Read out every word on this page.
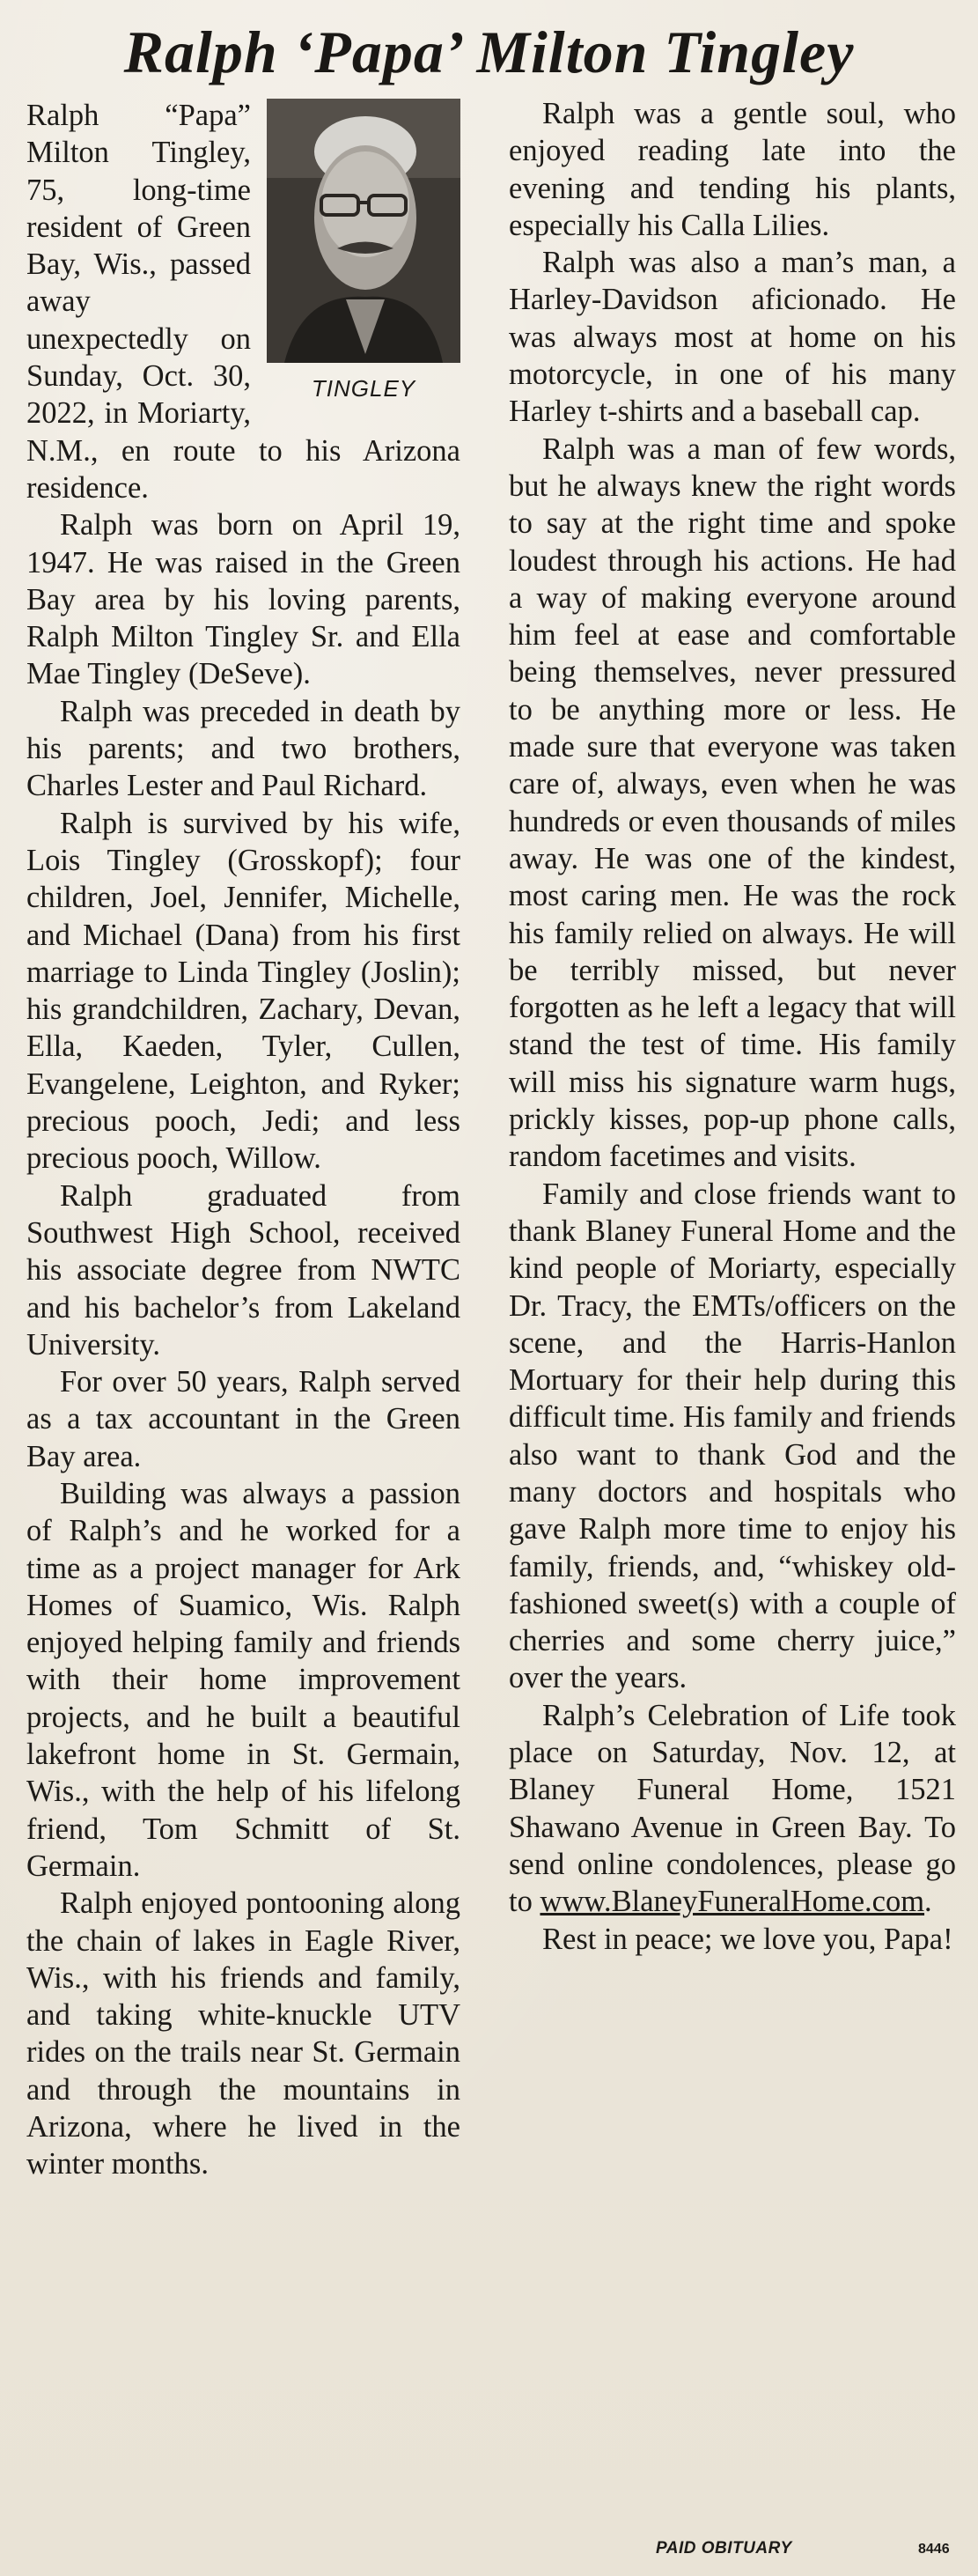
Ralph ‘Papa’ Milton Tingley
TINGLEY

Ralph “Papa” Milton Tingley, 75, long-time resident of Green Bay, Wis., passed away unexpectedly on Sunday, Oct. 30, 2022, in Moriarty, N.M., en route to his Arizona residence.

Ralph was born on April 19, 1947. He was raised in the Green Bay area by his loving parents, Ralph Milton Tingley Sr. and Ella Mae Tingley (DeSeve).

Ralph was preceded in death by his parents; and two brothers, Charles Lester and Paul Richard.

Ralph is survived by his wife, Lois Tingley (Grosskopf); four children, Joel, Jennifer, Michelle, and Michael (Dana) from his first marriage to Linda Tingley (Joslin); his grandchildren, Zachary, Devan, Ella, Kaeden, Tyler, Cullen, Evangelene, Leighton, and Ryker; precious pooch, Jedi; and less precious pooch, Willow.

Ralph graduated from Southwest High School, received his associate degree from NWTC and his bachelor’s from Lakeland University.

For over 50 years, Ralph served as a tax accountant in the Green Bay area.

Building was always a passion of Ralph’s and he worked for a time as a project manager for Ark Homes of Suamico, Wis. Ralph enjoyed helping family and friends with their home improvement projects, and he built a beautiful lakefront home in St. Germain, Wis., with the help of his lifelong friend, Tom Schmitt of St. Germain.

Ralph enjoyed pontooning along the chain of lakes in Eagle River, Wis., with his friends and family, and taking white-knuckle UTV rides on the trails near St. Germain and through the mountains in Arizona, where he lived in the winter months.

Ralph was a gentle soul, who enjoyed reading late into the evening and tending his plants, especially his Calla Lilies.

Ralph was also a man’s man, a Harley-Davidson aficionado. He was always most at home on his motorcycle, in one of his many Harley t-shirts and a baseball cap.

Ralph was a man of few words, but he always knew the right words to say at the right time and spoke loudest through his actions. He had a way of making everyone around him feel at ease and comfortable being themselves, never pressured to be anything more or less. He made sure that everyone was taken care of, always, even when he was hundreds or even thousands of miles away. He was one of the kindest, most caring men. He was the rock his family relied on always. He will be terribly missed, but never forgotten as he left a legacy that will stand the test of time. His family will miss his signature warm hugs, prickly kisses, pop-up phone calls, random facetimes and visits.

Family and close friends want to thank Blaney Funeral Home and the kind people of Moriarty, especially Dr. Tracy, the EMTs/officers on the scene, and the Harris-Hanlon Mortuary for their help during this difficult time. His family and friends also want to thank God and the many doctors and hospitals who gave Ralph more time to enjoy his family, friends, and, “whiskey old-fashioned sweet(s) with a couple of cherries and some cherry juice,” over the years.

Ralph’s Celebration of Life took place on Saturday, Nov. 12, at Blaney Funeral Home, 1521 Shawano Avenue in Green Bay. To send online condolences, please go to www.BlaneyFuneralHome.com.

Rest in peace; we love you, Papa!

PAID OBITUARY	8446
